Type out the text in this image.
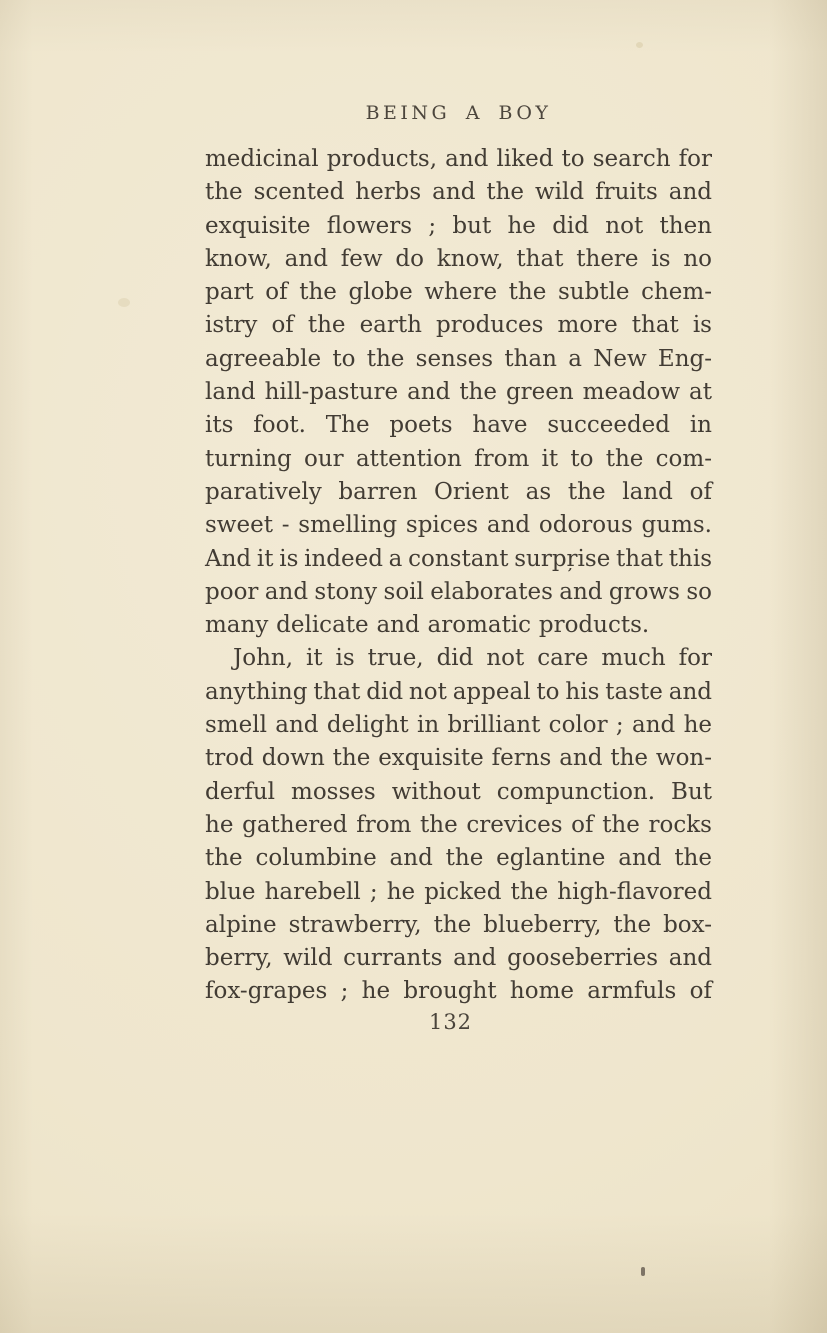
BEING A BOY
medicinal products, and liked to search for
the scented herbs and the wild fruits and
exquisite flowers ; but he did not then
know, and few do know, that there is no
part of the globe where the subtle chem-
istry of the earth produces more that is
agreeable to the senses than a New Eng-
land hill-pasture and the green meadow at
its foot. The poets have succeeded in
turning our attention from it to the com-
paratively barren Orient as the land of
sweet - smelling spices and odorous gums.
And it is indeed a constant surpr̦ise that this
poor and stony soil elaborates and grows so
many delicate and aromatic products.
John, it is true, did not care much for
anything that did not appeal to his taste and
smell and delight in brilliant color ; and he
trod down the exquisite ferns and the won-
derful mosses without compunction. But
he gathered from the crevices of the rocks
the columbine and the eglantine and the
blue harebell ; he picked the high-flavored
alpine strawberry, the blueberry, the box-
berry, wild currants and gooseberries and
fox-grapes ; he brought home armfuls of
132
